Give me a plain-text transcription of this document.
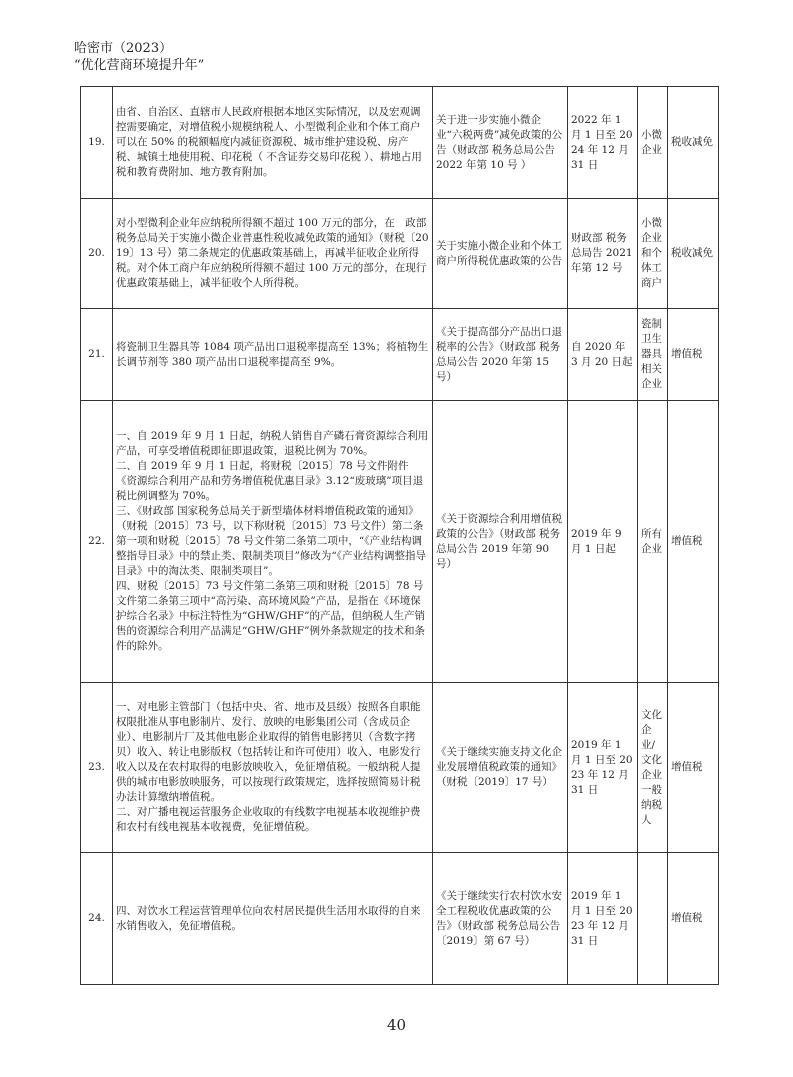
哈密市（2023）
“优化营商环境提升年”
19.	由省、自治区、直辖市人民政府根据本地区实际情况，以及宏观调控需要确定，对增值税小规模纳税人、小型微利企业和个体工商户可以在 50% 的税额幅度内减征资源税、城市维护建设税、房产税、城镇土地使用税、印花税（ 不含证券交易印花税 ）、耕地占用税和教育费附加、地方教育附加。	关于进一步实施小微企业“六税两费”减免政策的公告（财政部 税务总局公告 2022 年第 10 号 ）	2022 年 1 月 1 日至 2024 年 12 月 31 日	小微企业	税收减免
20.	对小型微利企业年应纳税所得额不超过 100 万元的部分，在　政部 税务总局关于实施小微企业普惠性税收减免政策的通知》（财税〔2019〕13 号）第二条规定的优惠政策基础上，再减半征收企业所得税。对个体工商户年应纳税所得额不超过 100 万元的部分，在现行优惠政策基础上，减半征收个人所得税。	关于实施小微企业和个体工商户所得税优惠政策的公告	财政部 税务总局告 2021 年第 12 号	小微企业和个体工商户	税收减免
21.	将瓷制卫生器具等 1084 项产品出口退税率提高至 13%；将植物生长调节剂等 380 项产品出口退税率提高至 9%。	《关于提高部分产品出口退税率的公告》（财政部 税务总局公告 2020 年第 15 号）	自 2020 年 3 月 20 日起	瓷制卫生器具相关企业	增值税
22.	一、自 2019 年 9 月 1 日起，纳税人销售自产磷石膏资源综合利用产品，可享受增值税即征即退政策，退税比例为 70%。
二、自 2019 年 9 月 1 日起，将财税〔2015〕78 号文件附件《资源综合利用产品和劳务增值税优惠目录》3.12“废玻璃”项目退税比例调整为 70%。
三、《财政部 国家税务总局关于新型墙体材料增值税政策的通知》（财税〔2015〕73 号，以下称财税〔2015〕73 号文件）第二条第一项和财税〔2015〕78 号文件第二条第二项中，“《产业结构调整指导目录》中的禁止类、限制类项目”修改为“《产业结构调整指导目录》中的淘汰类、限制类项目”。
四、财税〔2015〕73 号文件第二条第三项和财税〔2015〕78 号文件第二条第三项中“高污染、高环境风险”产品，是指在《环境保护综合名录》中标注特性为“GHW/GHF”的产品，但纳税人生产销售的资源综合利用产品满足“GHW/GHF”例外条款规定的技术和条件的除外。	《关于资源综合利用增值税政策的公告》（财政部 税务总局公告 2019 年第 90 号）	2019 年 9 月 1 日起	所有企业	增值税
23.	一、对电影主管部门（包括中央、省、地市及县级）按照各自职能权限批准从事电影制片、发行、放映的电影集团公司（含成员企业）、电影制片厂及其他电影企业取得的销售电影拷贝（含数字拷贝）收入、转让电影版权（包括转让和许可使用）收入、电影发行收入以及在农村取得的电影放映收入，免征增值税。一般纳税人提供的城市电影放映服务，可以按现行政策规定，选择按照简易计税办法计算缴纳增值税。
二、对广播电视运营服务企业收取的有线数字电视基本收视维护费和农村有线电视基本收视费，免征增值税。	《关于继续实施支持文化企业发展增值税政策的通知》（财税〔2019〕17 号）	2019 年 1 月 1 日至 2023 年 12 月 31 日	文化企业/文化企业一般纳税人	增值税
24.	四、对饮水工程运营管理单位向农村居民提供生活用水取得的自来水销售收入，免征增值税。	《关于继续实行农村饮水安全工程税收优惠政策的公告》（财政部 税务总局公告〔2019〕第 67 号）	2019 年 1 月 1 日至 2023 年 12 月 31 日		增值税
40
